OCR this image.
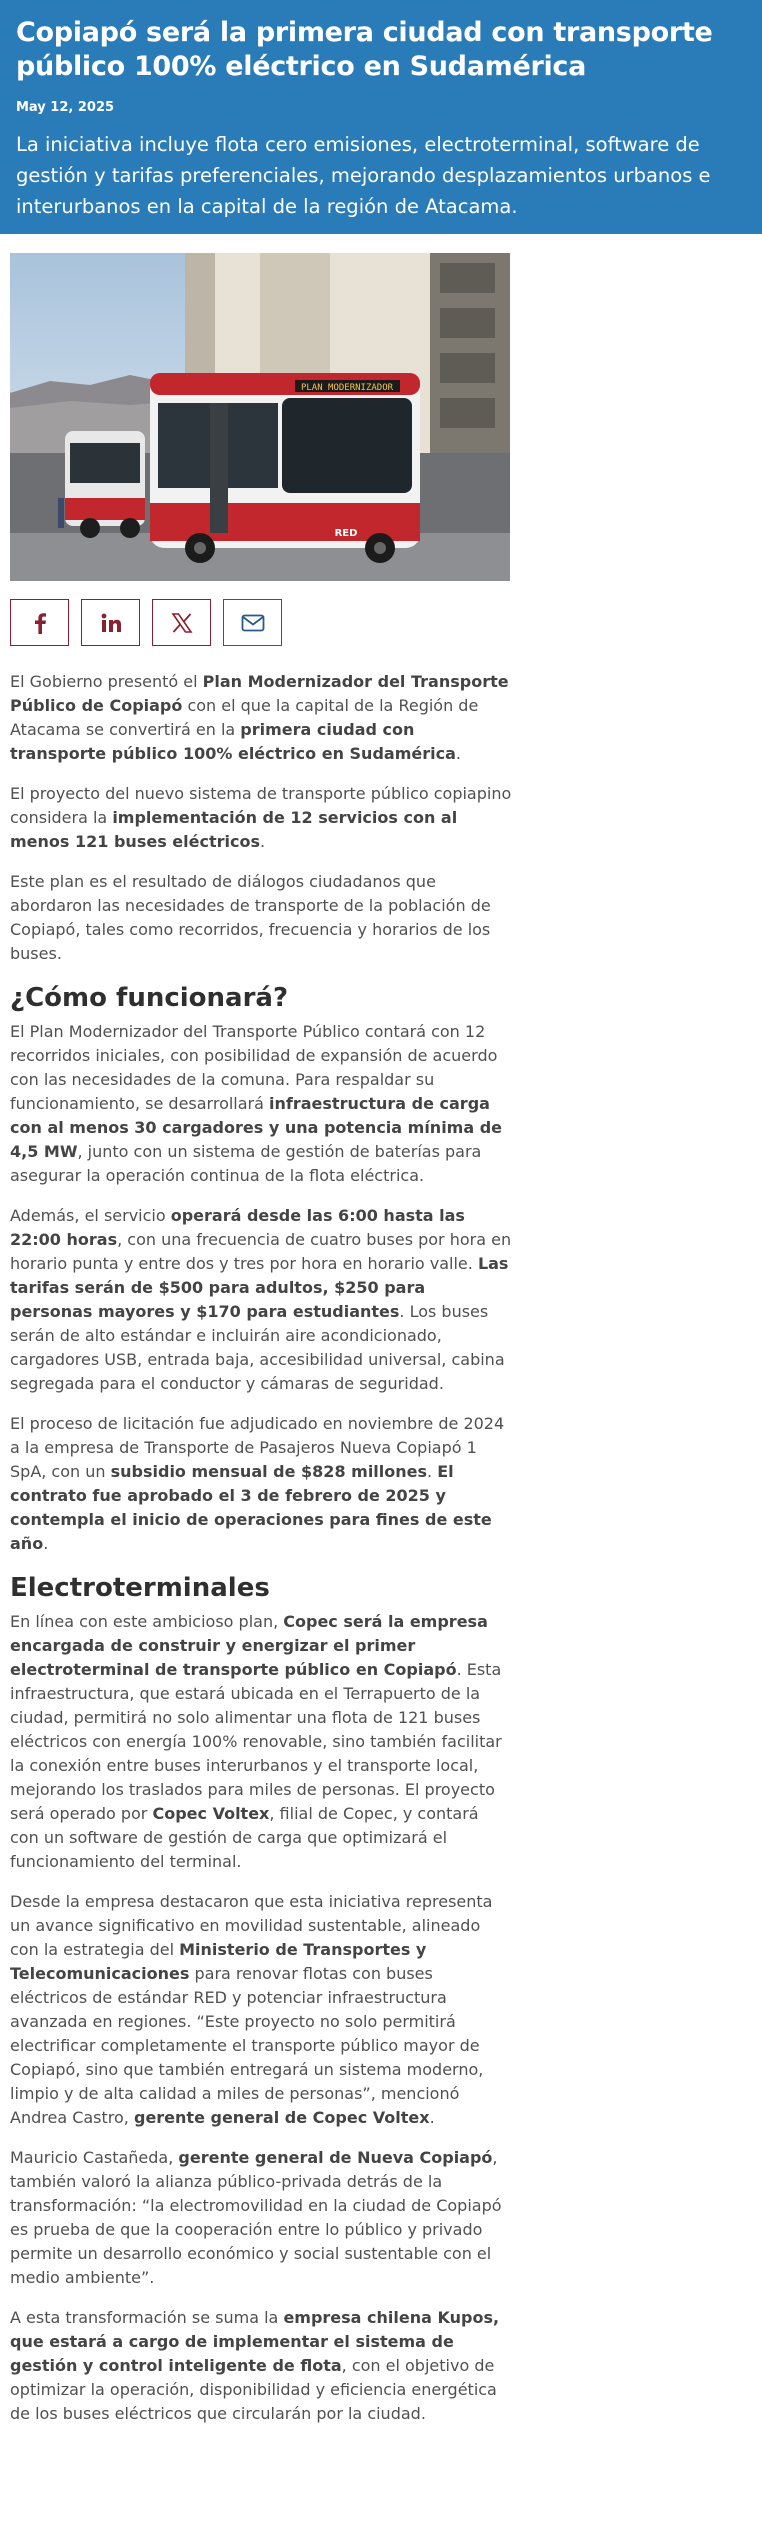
Copiapó será la primera ciudad con transporte público 100% eléctrico en Sudamérica
May 12, 2025
La iniciativa incluye flota cero emisiones, electroterminal, software de gestión y tarifas preferenciales, mejorando desplazamientos urbanos e interurbanos en la capital de la región de Atacama.
PLAN MODERNIZADOR
RED

El Gobierno presentó el Plan Modernizador del Transporte Público de Copiapó con el que la capital de la Región de Atacama se convertirá en la primera ciudad con transporte público 100% eléctrico en Sudamérica.

El proyecto del nuevo sistema de transporte público copiapino considera la implementación de 12 servicios con al menos 121 buses eléctricos.

Este plan es el resultado de diálogos ciudadanos que abordaron las necesidades de transporte de la población de Copiapó, tales como recorridos, frecuencia y horarios de los buses.

¿Cómo funcionará?

El Plan Modernizador del Transporte Público contará con 12 recorridos iniciales, con posibilidad de expansión de acuerdo con las necesidades de la comuna. Para respaldar su funcionamiento, se desarrollará infraestructura de carga con al menos 30 cargadores y una potencia mínima de 4,5 MW, junto con un sistema de gestión de baterías para asegurar la operación continua de la flota eléctrica.

Además, el servicio operará desde las 6:00 hasta las 22:00 horas, con una frecuencia de cuatro buses por hora en horario punta y entre dos y tres por hora en horario valle. Las tarifas serán de $500 para adultos, $250 para personas mayores y $170 para estudiantes. Los buses serán de alto estándar e incluirán aire acondicionado, cargadores USB, entrada baja, accesibilidad universal, cabina segregada para el conductor y cámaras de seguridad.

El proceso de licitación fue adjudicado en noviembre de 2024 a la empresa de Transporte de Pasajeros Nueva Copiapó 1 SpA, con un subsidio mensual de $828 millones. El contrato fue aprobado el 3 de febrero de 2025 y contempla el inicio de operaciones para fines de este año.

Electroterminales

En línea con este ambicioso plan, Copec será la empresa encargada de construir y energizar el primer electroterminal de transporte público en Copiapó. Esta infraestructura, que estará ubicada en el Terrapuerto de la ciudad, permitirá no solo alimentar una flota de 121 buses eléctricos con energía 100% renovable, sino también facilitar la conexión entre buses interurbanos y el transporte local, mejorando los traslados para miles de personas. El proyecto será operado por Copec Voltex, filial de Copec, y contará con un software de gestión de carga que optimizará el funcionamiento del terminal.

Desde la empresa destacaron que esta iniciativa representa un avance significativo en movilidad sustentable, alineado con la estrategia del Ministerio de Transportes y Telecomunicaciones para renovar flotas con buses eléctricos de estándar RED y potenciar infraestructura avanzada en regiones. “Este proyecto no solo permitirá electrificar completamente el transporte público mayor de Copiapó, sino que también entregará un sistema moderno, limpio y de alta calidad a miles de personas”, mencionó Andrea Castro, gerente general de Copec Voltex.

Mauricio Castañeda, gerente general de Nueva Copiapó, también valoró la alianza público-privada detrás de la transformación: “la electromovilidad en la ciudad de Copiapó es prueba de que la cooperación entre lo público y privado permite un desarrollo económico y social sustentable con el medio ambiente”.

A esta transformación se suma la empresa chilena Kupos, que estará a cargo de implementar el sistema de gestión y control inteligente de flota, con el objetivo de optimizar la operación, disponibilidad y eficiencia energética de los buses eléctricos que circularán por la ciudad.
